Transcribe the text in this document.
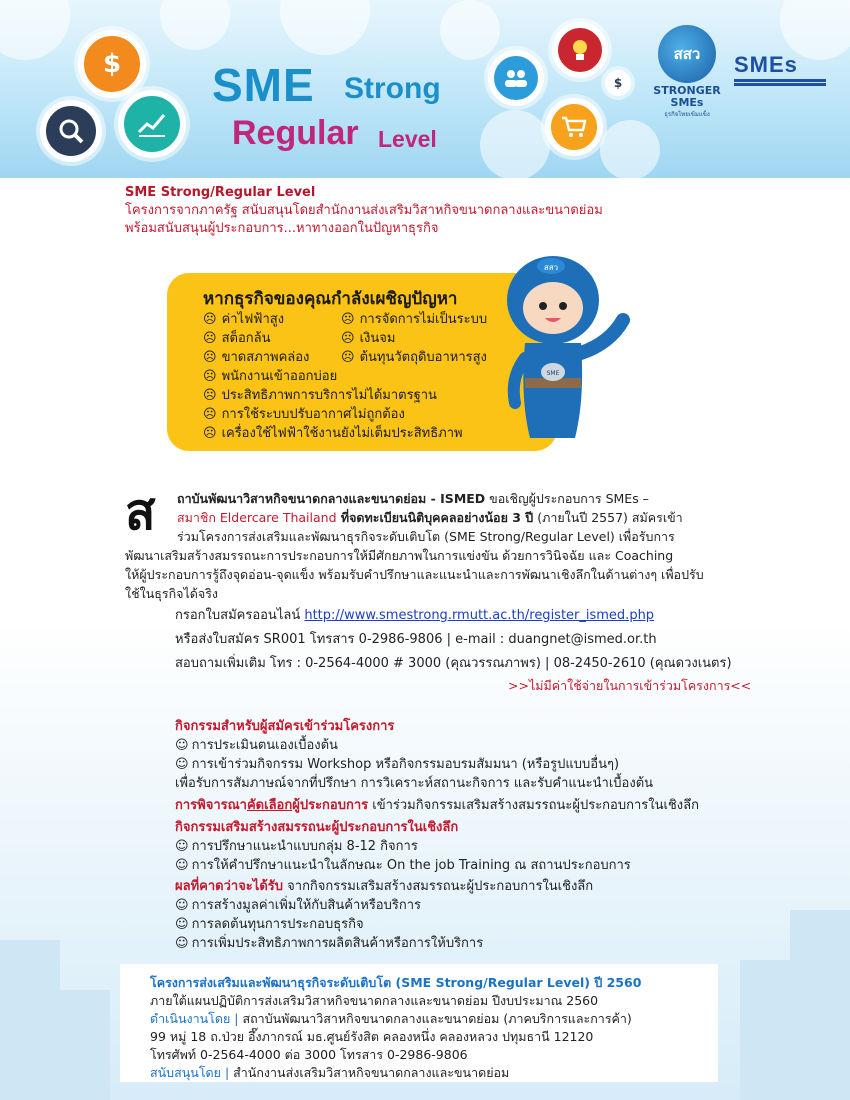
$
$
SME Strong
Regular Level
สสว
STRONGER SMEs
ธุรกิจไทยเข้มแข็ง
SMEs
SME Strong/Regular Level
โครงการจากภาครัฐ สนับสนุนโดยสำนักงานส่งเสริมวิสาหกิจขนาดกลางและขนาดย่อม
พร้อมสนับสนุนผู้ประกอบการ...หาทางออกในปัญหาธุรกิจ
หากธุรกิจของคุณกำลังเผชิญปัญหา
☹ ค่าไฟฟ้าสูง
☹ สต็อกล้น
☹ ขาดสภาพคล่อง
☹ การจัดการไม่เป็นระบบ
☹ เงินจม
☹ ต้นทุนวัตถุดิบอาหารสูง
☹ พนักงานเข้าออกบ่อย
☹ ประสิทธิภาพการบริการไม่ได้มาตรฐาน
☹ การใช้ระบบปรับอากาศไม่ถูกต้อง
☹ เครื่องใช้ไฟฟ้าใช้งานยังไม่เต็มประสิทธิภาพ
สสว
SME
ส ถาบันพัฒนาวิสาหกิจขนาดกลางและขนาดย่อม - ISMED ขอเชิญผู้ประกอบการ SMEs –
สมาชิก Eldercare Thailand ที่จดทะเบียนนิติบุคคลอย่างน้อย 3 ปี (ภายในปี 2557) สมัครเข้า
ร่วมโครงการส่งเสริมและพัฒนาธุรกิจระดับเติบโต (SME Strong/Regular Level) เพื่อรับการ
พัฒนาเสริมสร้างสมรรถนะการประกอบการให้มีศักยภาพในการแข่งขัน ด้วยการวินิจฉัย และ Coaching
ให้ผู้ประกอบการรู้ถึงจุดอ่อน-จุดแข็ง พร้อมรับคำปรึกษาและแนะนำและการพัฒนาเชิงลึกในด้านต่างๆ เพื่อปรับ
ใช้ในธุรกิจได้จริง
กรอกใบสมัครออนไลน์ http://www.smestrong.rmutt.ac.th/register_ismed.php
หรือส่งใบสมัคร SR001 โทรสาร 0-2986-9806 | e-mail : duangnet@ismed.or.th
สอบถามเพิ่มเติม โทร : 0-2564-4000 # 3000 (คุณวรรณภาพร) | 08-2450-2610 (คุณดวงเนตร)
>>ไม่มีค่าใช้จ่ายในการเข้าร่วมโครงการ<<
กิจกรรมสำหรับผู้สมัครเข้าร่วมโครงการ
☺ การประเมินตนเองเบื้องต้น
☺ การเข้าร่วมกิจกรรม Workshop หรือกิจกรรมอบรมสัมมนา (หรือรูปแบบอื่นๆ)
เพื่อรับการสัมภาษณ์จากที่ปรึกษา การวิเคราะห์สถานะกิจการ และรับคำแนะนำเบื้องต้น
การพิจารณาคัดเลือกผู้ประกอบการ เข้าร่วมกิจกรรมเสริมสร้างสมรรถนะผู้ประกอบการในเชิงลึก
กิจกรรมเสริมสร้างสมรรถนะผู้ประกอบการในเชิงลึก
☺ การปรึกษาแนะนำแบบกลุ่ม 8-12 กิจการ
☺ การให้คำปรึกษาแนะนำในลักษณะ On the job Training ณ สถานประกอบการ
ผลที่คาดว่าจะได้รับ จากกิจกรรมเสริมสร้างสมรรถนะผู้ประกอบการในเชิงลึก
☺ การสร้างมูลค่าเพิ่มให้กับสินค้าหรือบริการ
☺ การลดต้นทุนการประกอบธุรกิจ
☺ การเพิ่มประสิทธิภาพการผลิตสินค้าหรือการให้บริการ
โครงการส่งเสริมและพัฒนาธุรกิจระดับเติบโต (SME Strong/Regular Level) ปี 2560
ภายใต้แผนปฏิบัติการส่งเสริมวิสาหกิจขนาดกลางและขนาดย่อม ปีงบประมาณ 2560
ดำเนินงานโดย | สถาบันพัฒนาวิสาหกิจขนาดกลางและขนาดย่อม (ภาคบริการและการค้า)
99 หมู่ 18 ถ.ป่วย อึ๊งภากรณ์ มธ.ศูนย์รังสิต คลองหนึ่ง คลองหลวง ปทุมธานี 12120
โทรศัพท์ 0-2564-4000 ต่อ 3000 โทรสาร 0-2986-9806
สนับสนุนโดย | สำนักงานส่งเสริมวิสาหกิจขนาดกลางและขนาดย่อม
